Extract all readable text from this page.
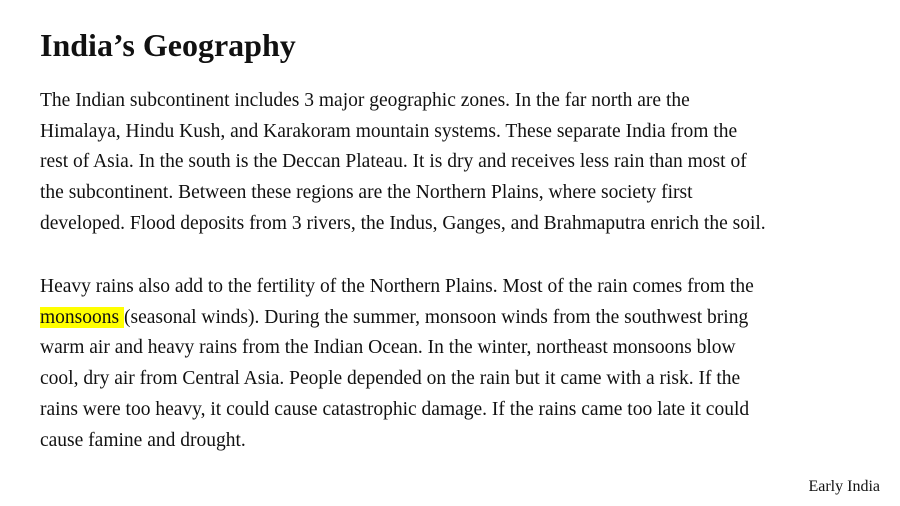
India’s Geography

The Indian subcontinent includes 3 major geographic zones. In the far north are the
Himalaya, Hindu Kush, and Karakoram mountain systems. These separate India from the
rest of Asia. In the south is the Deccan Plateau. It is dry and receives less rain than most of
the subcontinent. Between these regions are the Northern Plains, where society first
developed. Flood deposits from 3 rivers, the Indus, Ganges, and Brahmaputra enrich the soil.

Heavy rains also add to the fertility of the Northern Plains. Most of the rain comes from the
monsoons (seasonal winds). During the summer, monsoon winds from the southwest bring
warm air and heavy rains from the Indian Ocean. In the winter, northeast monsoons blow
cool, dry air from Central Asia. People depended on the rain but it came with a risk. If the
rains were too heavy, it could cause catastrophic damage. If the rains came too late it could
cause famine and drought.

Early India
